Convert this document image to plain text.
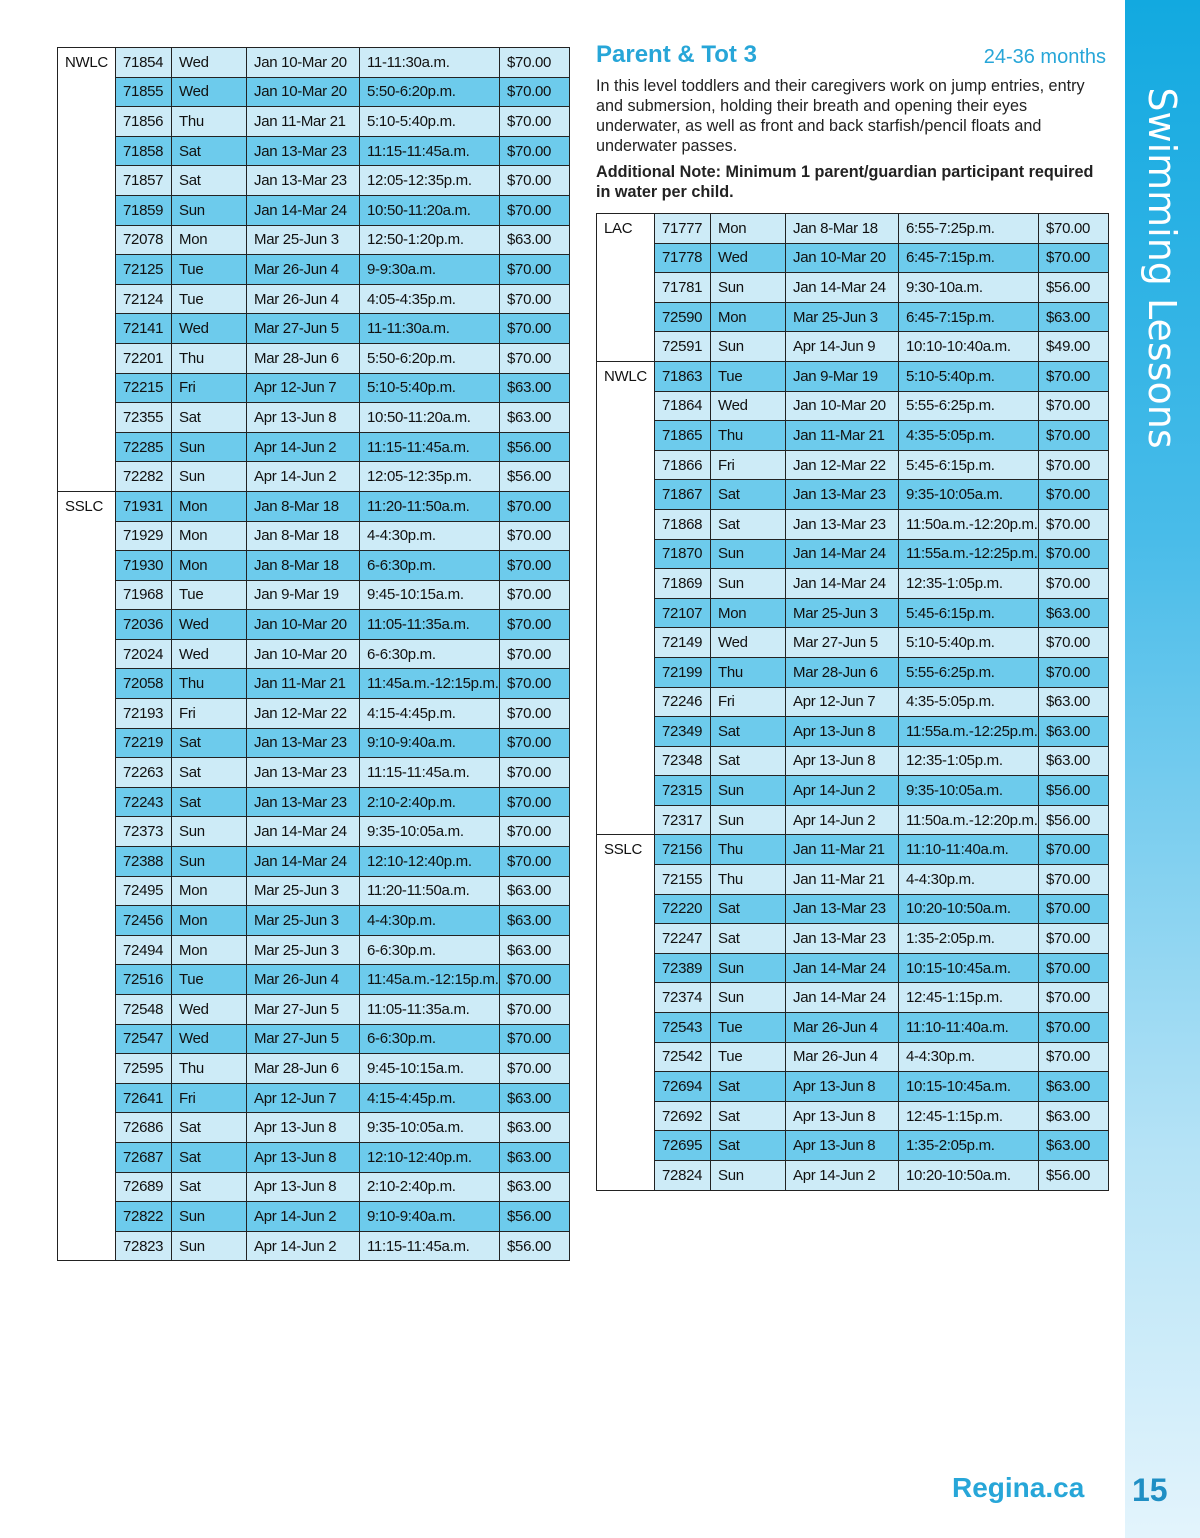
NWLC	71854	Wed	Jan 10-Mar 20	11-11:30a.m.	$70.00
	71855	Wed	Jan 10-Mar 20	5:50-6:20p.m.	$70.00
	71856	Thu	Jan 11-Mar 21	5:10-5:40p.m.	$70.00
	71858	Sat	Jan 13-Mar 23	11:15-11:45a.m.	$70.00
	71857	Sat	Jan 13-Mar 23	12:05-12:35p.m.	$70.00
	71859	Sun	Jan 14-Mar 24	10:50-11:20a.m.	$70.00
	72078	Mon	Mar 25-Jun 3	12:50-1:20p.m.	$63.00
	72125	Tue	Mar 26-Jun 4	9-9:30a.m.	$70.00
	72124	Tue	Mar 26-Jun 4	4:05-4:35p.m.	$70.00
	72141	Wed	Mar 27-Jun 5	11-11:30a.m.	$70.00
	72201	Thu	Mar 28-Jun 6	5:50-6:20p.m.	$70.00
	72215	Fri	Apr 12-Jun 7	5:10-5:40p.m.	$63.00
	72355	Sat	Apr 13-Jun 8	10:50-11:20a.m.	$63.00
	72285	Sun	Apr 14-Jun 2	11:15-11:45a.m.	$56.00
	72282	Sun	Apr 14-Jun 2	12:05-12:35p.m.	$56.00
SSLC	71931	Mon	Jan 8-Mar 18	11:20-11:50a.m.	$70.00
	71929	Mon	Jan 8-Mar 18	4-4:30p.m.	$70.00
	71930	Mon	Jan 8-Mar 18	6-6:30p.m.	$70.00
	71968	Tue	Jan 9-Mar 19	9:45-10:15a.m.	$70.00
	72036	Wed	Jan 10-Mar 20	11:05-11:35a.m.	$70.00
	72024	Wed	Jan 10-Mar 20	6-6:30p.m.	$70.00
	72058	Thu	Jan 11-Mar 21	11:45a.m.-12:15p.m.	$70.00
	72193	Fri	Jan 12-Mar 22	4:15-4:45p.m.	$70.00
	72219	Sat	Jan 13-Mar 23	9:10-9:40a.m.	$70.00
	72263	Sat	Jan 13-Mar 23	11:15-11:45a.m.	$70.00
	72243	Sat	Jan 13-Mar 23	2:10-2:40p.m.	$70.00
	72373	Sun	Jan 14-Mar 24	9:35-10:05a.m.	$70.00
	72388	Sun	Jan 14-Mar 24	12:10-12:40p.m.	$70.00
	72495	Mon	Mar 25-Jun 3	11:20-11:50a.m.	$63.00
	72456	Mon	Mar 25-Jun 3	4-4:30p.m.	$63.00
	72494	Mon	Mar 25-Jun 3	6-6:30p.m.	$63.00
	72516	Tue	Mar 26-Jun 4	11:45a.m.-12:15p.m.	$70.00
	72548	Wed	Mar 27-Jun 5	11:05-11:35a.m.	$70.00
	72547	Wed	Mar 27-Jun 5	6-6:30p.m.	$70.00
	72595	Thu	Mar 28-Jun 6	9:45-10:15a.m.	$70.00
	72641	Fri	Apr 12-Jun 7	4:15-4:45p.m.	$63.00
	72686	Sat	Apr 13-Jun 8	9:35-10:05a.m.	$63.00
	72687	Sat	Apr 13-Jun 8	12:10-12:40p.m.	$63.00
	72689	Sat	Apr 13-Jun 8	2:10-2:40p.m.	$63.00
	72822	Sun	Apr 14-Jun 2	9:10-9:40a.m.	$56.00
	72823	Sun	Apr 14-Jun 2	11:15-11:45a.m.	$56.00
Parent & Tot 3	24-36 months
In this level toddlers and their caregivers work on jump entries, entry and submersion, holding their breath and opening their eyes underwater, as well as front and back starfish/pencil floats and underwater passes.
Additional Note: Minimum 1 parent/guardian participant required in water per child.
LAC	71777	Mon	Jan 8-Mar 18	6:55-7:25p.m.	$70.00
	71778	Wed	Jan 10-Mar 20	6:45-7:15p.m.	$70.00
	71781	Sun	Jan 14-Mar 24	9:30-10a.m.	$56.00
	72590	Mon	Mar 25-Jun 3	6:45-7:15p.m.	$63.00
	72591	Sun	Apr 14-Jun 9	10:10-10:40a.m.	$49.00
NWLC	71863	Tue	Jan 9-Mar 19	5:10-5:40p.m.	$70.00
	71864	Wed	Jan 10-Mar 20	5:55-6:25p.m.	$70.00
	71865	Thu	Jan 11-Mar 21	4:35-5:05p.m.	$70.00
	71866	Fri	Jan 12-Mar 22	5:45-6:15p.m.	$70.00
	71867	Sat	Jan 13-Mar 23	9:35-10:05a.m.	$70.00
	71868	Sat	Jan 13-Mar 23	11:50a.m.-12:20p.m.	$70.00
	71870	Sun	Jan 14-Mar 24	11:55a.m.-12:25p.m.	$70.00
	71869	Sun	Jan 14-Mar 24	12:35-1:05p.m.	$70.00
	72107	Mon	Mar 25-Jun 3	5:45-6:15p.m.	$63.00
	72149	Wed	Mar 27-Jun 5	5:10-5:40p.m.	$70.00
	72199	Thu	Mar 28-Jun 6	5:55-6:25p.m.	$70.00
	72246	Fri	Apr 12-Jun 7	4:35-5:05p.m.	$63.00
	72349	Sat	Apr 13-Jun 8	11:55a.m.-12:25p.m.	$63.00
	72348	Sat	Apr 13-Jun 8	12:35-1:05p.m.	$63.00
	72315	Sun	Apr 14-Jun 2	9:35-10:05a.m.	$56.00
	72317	Sun	Apr 14-Jun 2	11:50a.m.-12:20p.m.	$56.00
SSLC	72156	Thu	Jan 11-Mar 21	11:10-11:40a.m.	$70.00
	72155	Thu	Jan 11-Mar 21	4-4:30p.m.	$70.00
	72220	Sat	Jan 13-Mar 23	10:20-10:50a.m.	$70.00
	72247	Sat	Jan 13-Mar 23	1:35-2:05p.m.	$70.00
	72389	Sun	Jan 14-Mar 24	10:15-10:45a.m.	$70.00
	72374	Sun	Jan 14-Mar 24	12:45-1:15p.m.	$70.00
	72543	Tue	Mar 26-Jun 4	11:10-11:40a.m.	$70.00
	72542	Tue	Mar 26-Jun 4	4-4:30p.m.	$70.00
	72694	Sat	Apr 13-Jun 8	10:15-10:45a.m.	$63.00
	72692	Sat	Apr 13-Jun 8	12:45-1:15p.m.	$63.00
	72695	Sat	Apr 13-Jun 8	1:35-2:05p.m.	$63.00
	72824	Sun	Apr 14-Jun 2	10:20-10:50a.m.	$56.00
Swimming Lessons
Regina.ca 15
